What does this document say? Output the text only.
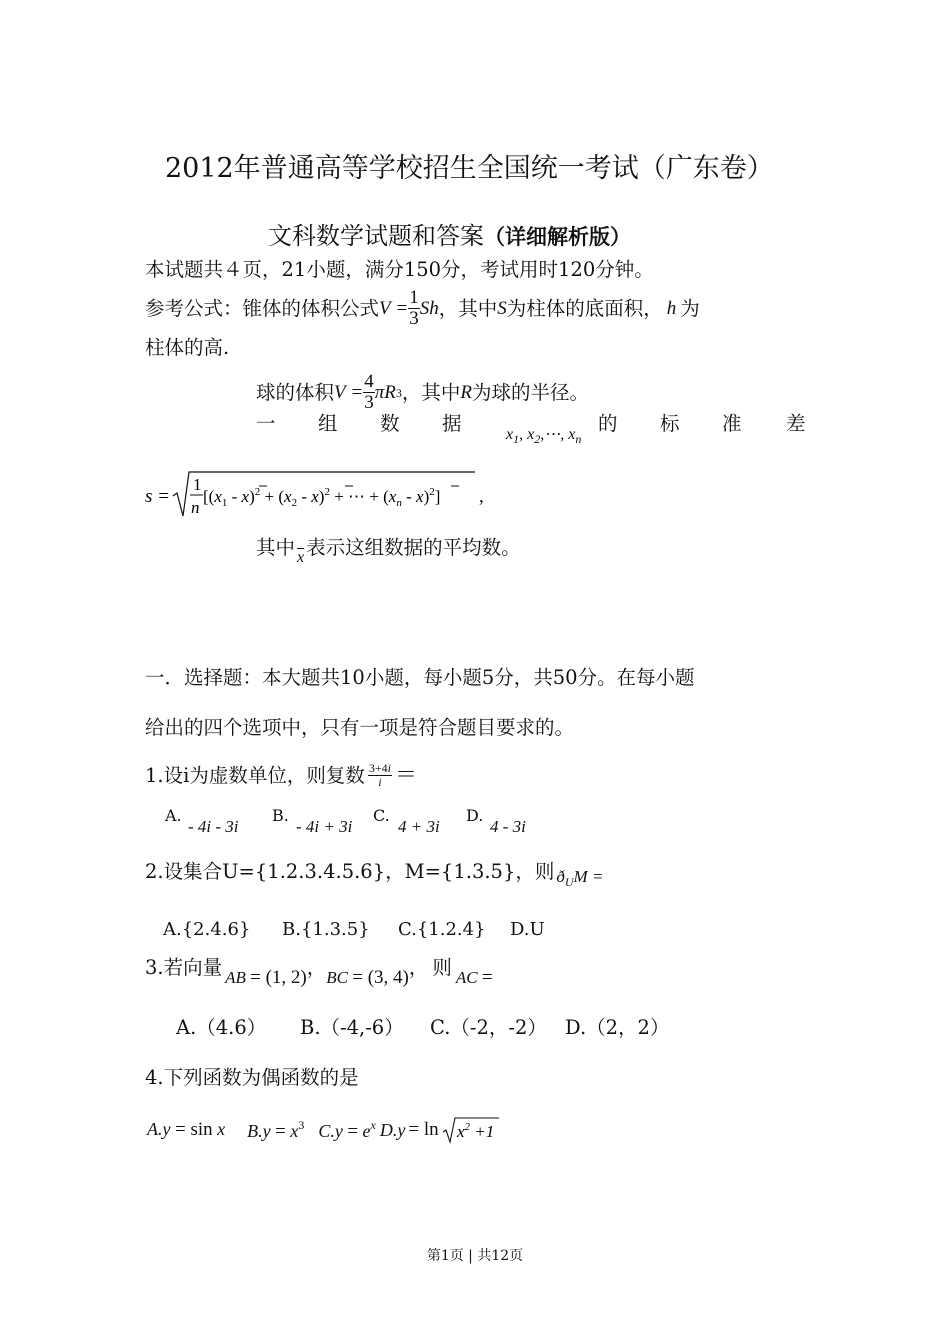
2012年普通高等学校招生全国统一考试（广东卷）
文科数学试题和答案（详细解析版）
本试题共４页，21小题，满分150分，考试用时120分钟。
参考公式：锥体的体积公式 $V = \frac{1}{3}$ Sh ，其中 S 为柱体的底面积， h 为
柱体的高.
球的体积 $V = \frac{4}{3}$ πR 3 ，其中 R 为球的半径。
一 组 数 据	$x_1$, $x_2,\cdots$, $x_n$
的 标 准 差
s =
1
n
[$(x_1 - x)^2 + (x_2 - x)^2$ + ⋯ + $(x_n - x)^2$] ,
其中 $\overline{x}$ 表示这组数据的平均数。
一．选择题：本大题共10小题，每小题5分，共50分。在每小题
给出的四个选项中，只有一项是符合题目要求的。
1.设i为虚数单位，则复数 $\frac{3+4i}{i}$ ＝
A.
- 4i - 3i
B.
- 4i + 3i
C.
4 + 3i
D.
4 - 3i
2.设集合U={1.2.3.4.5.6}，M={1.3.5}，则 $ð_UM$ =
A.{2.4.6} B.{1.3.5} C.{1.2.4} D.U
3.若向量 AB = (1, 2) ， BC = (3, 4) ， 则 AC =
A.（4.6） B.（-4,-6） C.（-2，-2） D.（2，2）
4.下列函数为偶函数的是
A.y = sin x $B.y = x^3$ $C.y = e^x$ $D.y = \ln x^2 +1$
第1页 | 共12页
